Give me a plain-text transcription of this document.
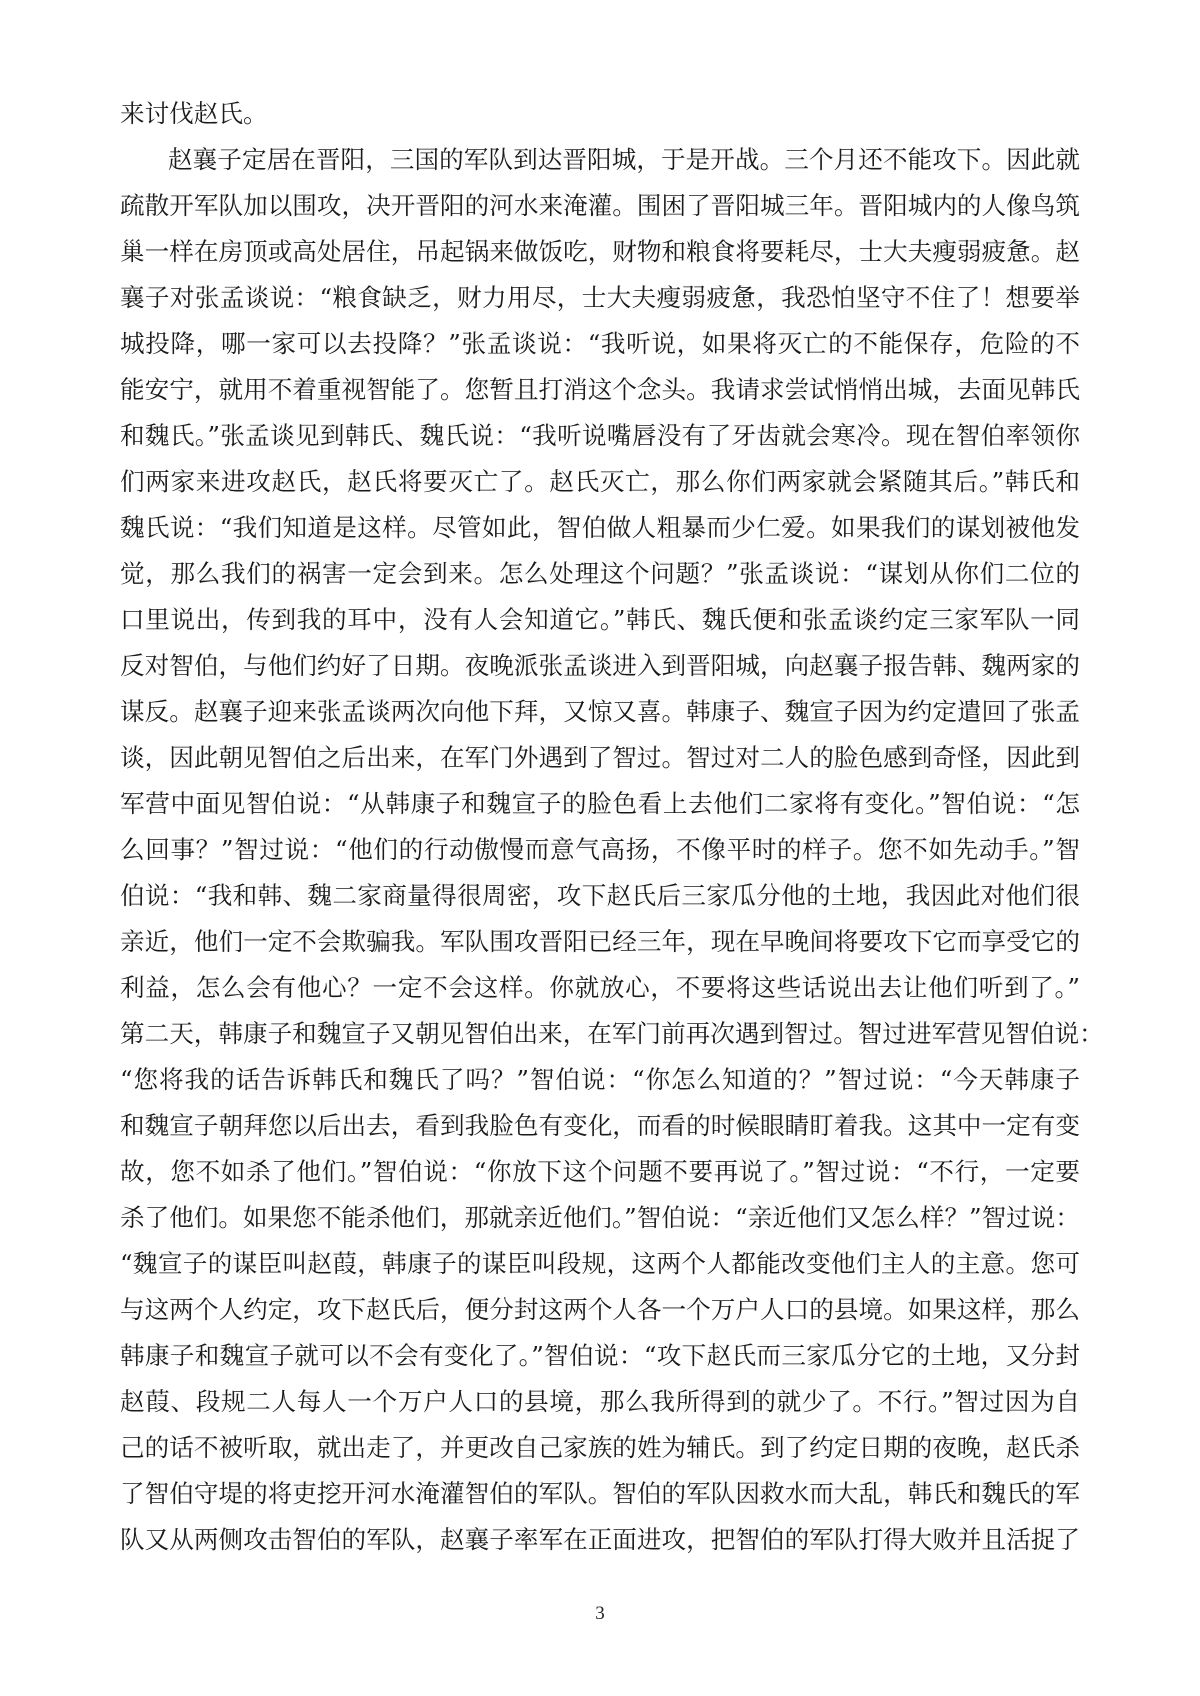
来讨伐赵氏。
赵襄子定居在晋阳，三国的军队到达晋阳城，于是开战。三个月还不能攻下。因此就
疏散开军队加以围攻，决开晋阳的河水来淹灌。围困了晋阳城三年。晋阳城内的人像鸟筑
巢一样在房顶或高处居住，吊起锅来做饭吃，财物和粮食将要耗尽，士大夫瘦弱疲惫。赵
襄子对张孟谈说：“粮食缺乏，财力用尽，士大夫瘦弱疲惫，我恐怕坚守不住了！想要举
城投降，哪一家可以去投降？”张孟谈说：“我听说，如果将灭亡的不能保存，危险的不
能安宁，就用不着重视智能了。您暂且打消这个念头。我请求尝试悄悄出城，去面见韩氏
和魏氏。”张孟谈见到韩氏、魏氏说：“我听说嘴唇没有了牙齿就会寒冷。现在智伯率领你
们两家来进攻赵氏，赵氏将要灭亡了。赵氏灭亡，那么你们两家就会紧随其后。”韩氏和
魏氏说：“我们知道是这样。尽管如此，智伯做人粗暴而少仁爱。如果我们的谋划被他发
觉，那么我们的祸害一定会到来。怎么处理这个问题？”张孟谈说：“谋划从你们二位的
口里说出，传到我的耳中，没有人会知道它。”韩氏、魏氏便和张孟谈约定三家军队一同
反对智伯，与他们约好了日期。夜晚派张孟谈进入到晋阳城，向赵襄子报告韩、魏两家的
谋反。赵襄子迎来张孟谈两次向他下拜，又惊又喜。韩康子、魏宣子因为约定遣回了张孟
谈，因此朝见智伯之后出来，在军门外遇到了智过。智过对二人的脸色感到奇怪，因此到
军营中面见智伯说：“从韩康子和魏宣子的脸色看上去他们二家将有变化。”智伯说：“怎
么回事？”智过说：“他们的行动傲慢而意气高扬，不像平时的样子。您不如先动手。”智
伯说：“我和韩、魏二家商量得很周密，攻下赵氏后三家瓜分他的土地，我因此对他们很
亲近，他们一定不会欺骗我。军队围攻晋阳已经三年，现在早晚间将要攻下它而享受它的
利益，怎么会有他心？一定不会这样。你就放心，不要将这些话说出去让他们听到了。”
第二天，韩康子和魏宣子又朝见智伯出来，在军门前再次遇到智过。智过进军营见智伯说：
“您将我的话告诉韩氏和魏氏了吗？”智伯说：“你怎么知道的？”智过说：“今天韩康子
和魏宣子朝拜您以后出去，看到我脸色有变化，而看的时候眼睛盯着我。这其中一定有变
故，您不如杀了他们。”智伯说：“你放下这个问题不要再说了。”智过说：“不行，一定要
杀了他们。如果您不能杀他们，那就亲近他们。”智伯说：“亲近他们又怎么样？”智过说：
“魏宣子的谋臣叫赵葭，韩康子的谋臣叫段规，这两个人都能改变他们主人的主意。您可
与这两个人约定，攻下赵氏后，便分封这两个人各一个万户人口的县境。如果这样，那么
韩康子和魏宣子就可以不会有变化了。”智伯说：“攻下赵氏而三家瓜分它的土地，又分封
赵葭、段规二人每人一个万户人口的县境，那么我所得到的就少了。不行。”智过因为自
己的话不被听取，就出走了，并更改自己家族的姓为辅氏。到了约定日期的夜晚，赵氏杀
了智伯守堤的将吏挖开河水淹灌智伯的军队。智伯的军队因救水而大乱，韩氏和魏氏的军
队又从两侧攻击智伯的军队，赵襄子率军在正面进攻，把智伯的军队打得大败并且活捉了
3
